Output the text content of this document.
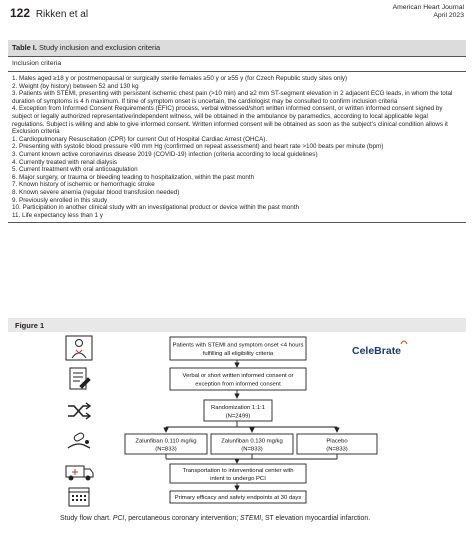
122 Rikken et al
American Heart Journal
April 2023
Table I. Study inclusion and exclusion criteria
Inclusion criteria
1. Males aged ≥18 y or postmenopausal or surgically sterile females ≥50 y or ≥55 y (for Czech Republic study sites only)
2. Weight (by history) between 52 and 130 kg
3. Patients with STEMI, presenting with persistent ischemic chest pain (>10 min) and ≥2 mm ST-segment elevation in 2 adjacent ECG leads, in whom the total duration of symptoms is 4 h maximum. If time of symptom onset is uncertain, the cardiologist may be consulted to confirm inclusion criteria
4. Exception from Informed Consent Requirements (EFIC) process, verbal witnessed/short written informed consent, or written informed consent signed by subject or legally authorized representative/independent witness, will be obtained in the ambulance by paramedics, according to local applicable legal regulations. Subject is willing and able to give informed consent. Written informed consent will be obtained as soon as the subject’s clinical condition allows it
Exclusion criteria
1. Cardiopulmonary Resuscitation (CPR) for current Out of Hospital Cardiac Arrest (OHCA).
2. Presenting with systolic blood pressure <90 mm Hg (confirmed on repeat assessment) and heart rate >100 beats per minute (bpm)
3. Current known active coronavirus disease 2019 (COVID-19) infection (criteria according to local guidelines)
4. Currently treated with renal dialysis
5. Current treatment with oral anticoagulation
6. Major surgery, or trauma or bleeding leading to hospitalization, within the past month
7. Known history of ischemic or hemorrhagic stroke
8. Known severe anemia (regular blood transfusion needed)
9. Previously enrolled in this study
10. Participation in another clinical study with an investigational product or device within the past month
11. Life expectancy less than 1 y
Figure 1
Patients with STEMI and symptom onset <4 hours
fulfilling all eligibility criteria
Verbal or short written informed consent or
exception from informed consent
Randomization 1:1:1
(N=2499)
Zalunfiban 0.110 mg/kg
(N=833)
Zalunfiban 0.130 mg/kg
(N=833)
Placebo
(N=833)
Transportation to interventional center with
intent to undergo PCI
Primary efficacy and safety endpoints at 30 days
CeleBrate
Study flow chart. PCI, percutaneous coronary intervention; STEMI, ST elevation myocardial infarction.
